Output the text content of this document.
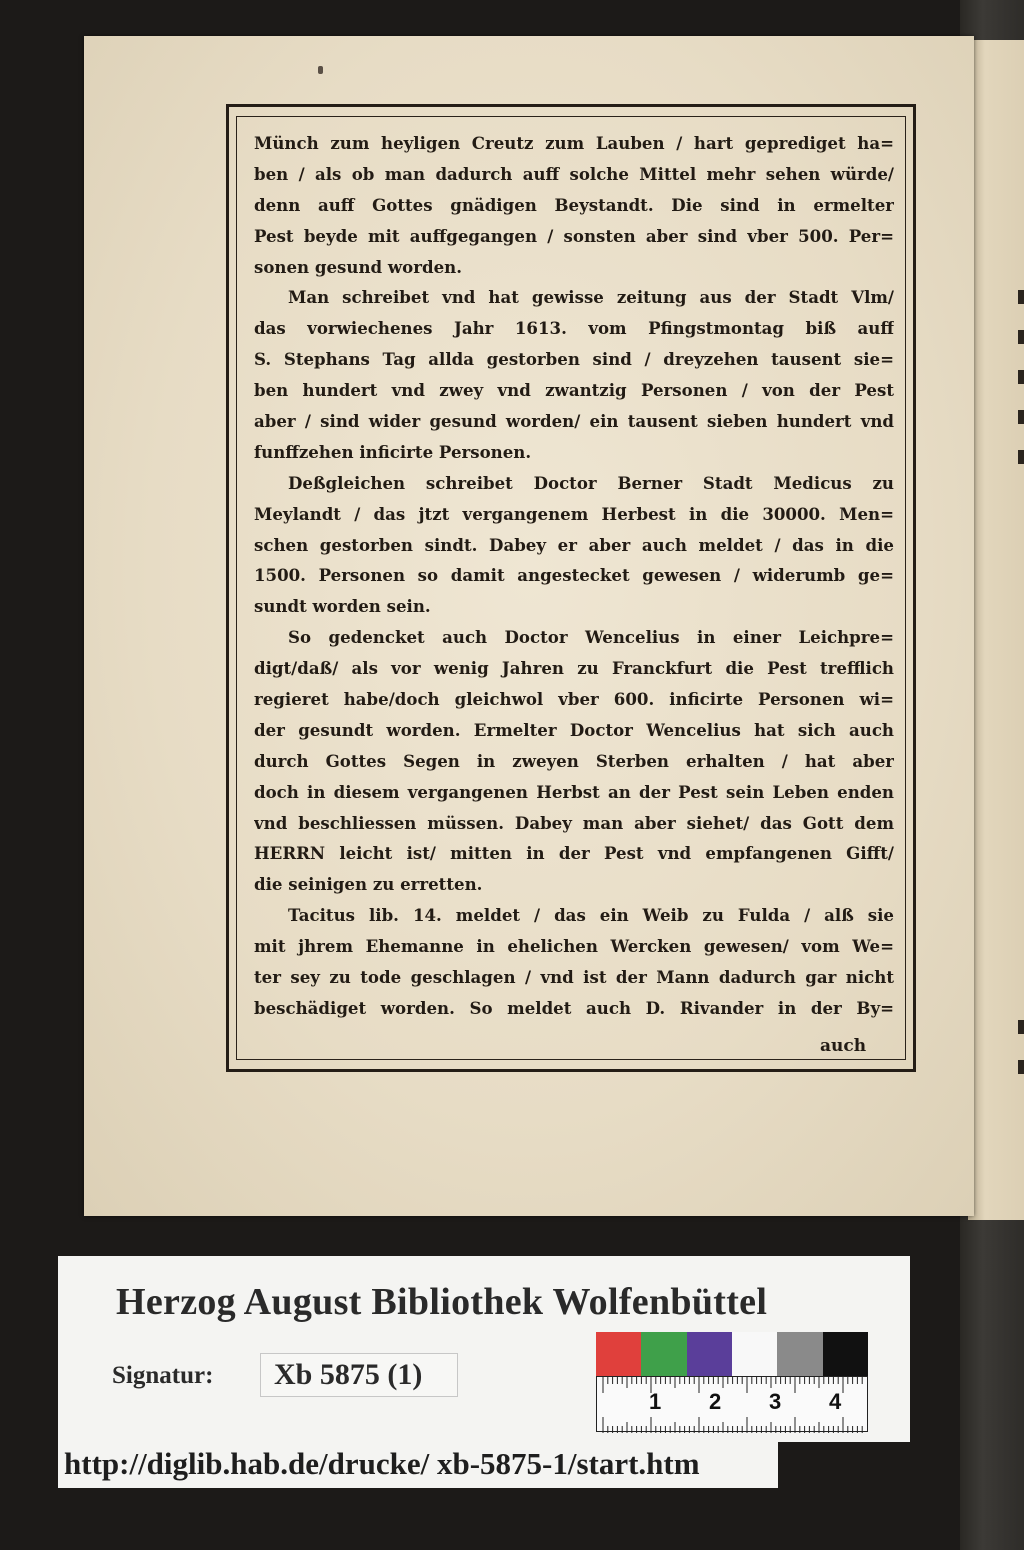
Münch zum heyligen Creutz zum Lauben / hart geprediget ha=
ben / als ob man dadurch auff solche Mittel mehr sehen würde/
denn auff Gottes gnädigen Beystandt. Die sind in ermelter
Pest beyde mit auffgegangen / sonsten aber sind vber 500. Per=
sonen gesund worden.
Man schreibet vnd hat gewisse zeitung aus der Stadt Vlm/
das vorwiechenes Jahr 1613. vom Pfingstmontag biß auff
S. Stephans Tag allda gestorben sind / dreyzehen tausent sie=
ben hundert vnd zwey vnd zwantzig Personen / von der Pest
aber / sind wider gesund worden/ ein tausent sieben hundert vnd
funffzehen inficirte Personen.
Deßgleichen schreibet Doctor Berner Stadt Medicus zu
Meylandt / das jtzt vergangenem Herbest in die 30000. Men=
schen gestorben sindt. Dabey er aber auch meldet / das in die
1500. Personen so damit angestecket gewesen / widerumb ge=
sundt worden sein.
So gedencket auch Doctor Wencelius in einer Leichpre=
digt/daß/ als vor wenig Jahren zu Franckfurt die Pest trefflich
regieret habe/doch gleichwol vber 600. inficirte Personen wi=
der gesundt worden. Ermelter Doctor Wencelius hat sich auch
durch Gottes Segen in zweyen Sterben erhalten / hat aber
doch in diesem vergangenen Herbst an der Pest sein Leben enden
vnd beschliessen müssen. Dabey man aber siehet/ das Gott dem
HERRN leicht ist/ mitten in der Pest vnd empfangenen Gifft/
die seinigen zu erretten.
Tacitus lib. 14. meldet / das ein Weib zu Fulda / alß sie
mit jhrem Ehemanne in ehelichen Wercken gewesen/ vom We=
ter sey zu tode geschlagen / vnd ist der Mann dadurch gar nicht
beschädiget worden. So meldet auch D. Rivander in der By=
auch
Herzog August Bibliothek Wolfenbüttel
Signatur: Xb 5875 (1)
1 2 3 4
http://diglib.hab.de/drucke/ xb-5875-1/start.htm
